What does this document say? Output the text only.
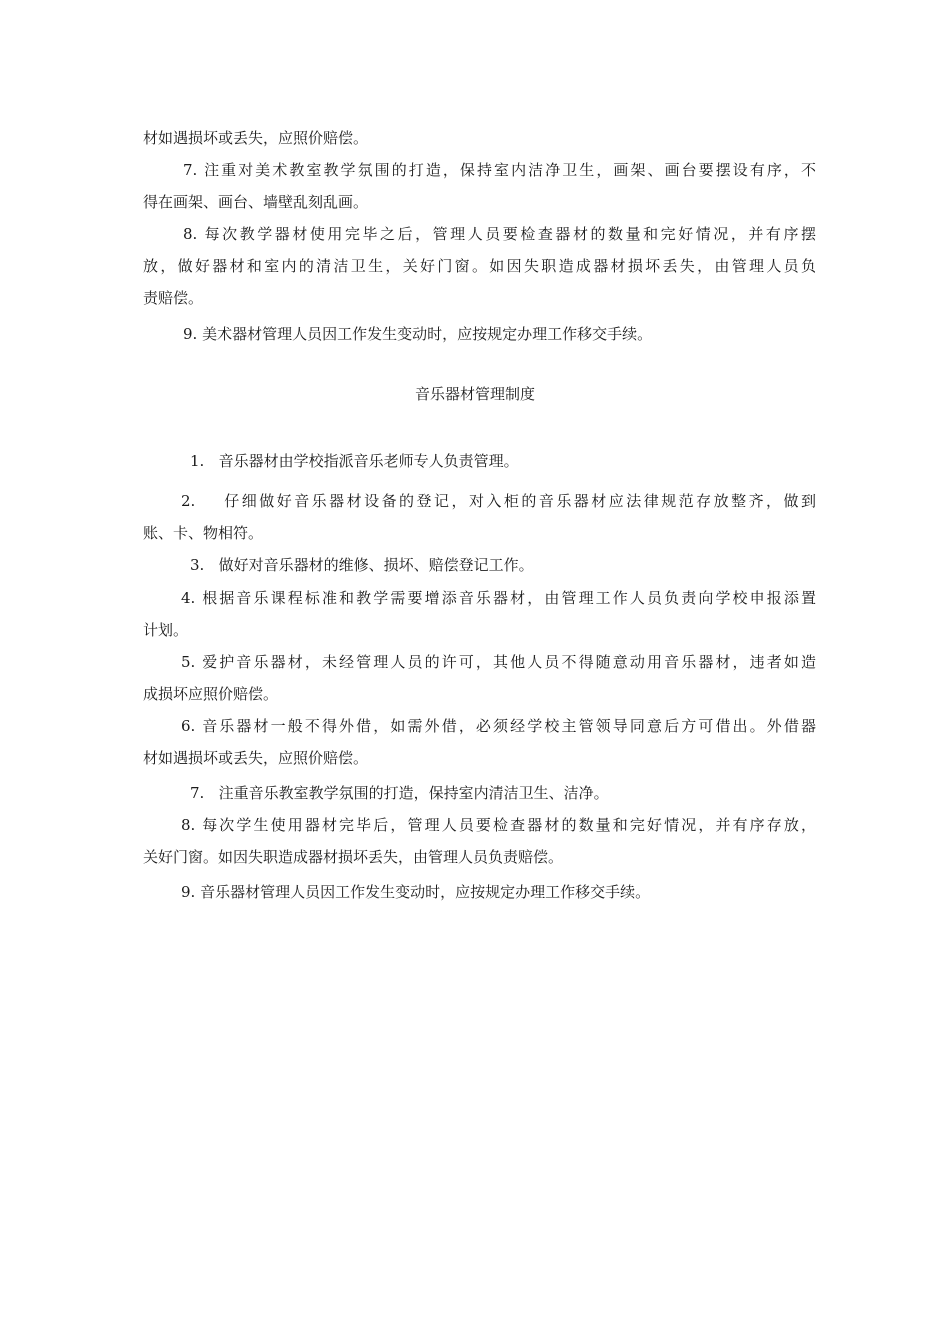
材如遇损坏或丢失，应照价赔偿。
7. 注重对美术教室教学氛围的打造，保持室内洁净卫生，画架、画台要摆设有序，不
得在画架、画台、墙壁乱刻乱画。
8. 每次教学器材使用完毕之后，管理人员要检查器材的数量和完好情况，并有序摆
放，做好器材和室内的清洁卫生，关好门窗。如因失职造成器材损坏丢失，由管理人员负
责赔偿。
9. 美术器材管理人员因工作发生变动时，应按规定办理工作移交手续。
音乐器材管理制度
1.   音乐器材由学校指派音乐老师专人负责管理。
2.    仔细做好音乐器材设备的登记，对入柜的音乐器材应法律规范存放整齐，做到
账、卡、物相符。
3.   做好对音乐器材的维修、损坏、赔偿登记工作。
4. 根据音乐课程标准和教学需要增添音乐器材，由管理工作人员负责向学校申报添置
计划。
5. 爱护音乐器材，未经管理人员的许可，其他人员不得随意动用音乐器材，违者如造
成损坏应照价赔偿。
6. 音乐器材一般不得外借，如需外借，必须经学校主管领导同意后方可借出。外借器
材如遇损坏或丢失，应照价赔偿。
7.   注重音乐教室教学氛围的打造，保持室内清洁卫生、洁净。
8. 每次学生使用器材完毕后，管理人员要检查器材的数量和完好情况，并有序存放，
关好门窗。如因失职造成器材损坏丢失，由管理人员负责赔偿。
9. 音乐器材管理人员因工作发生变动时，应按规定办理工作移交手续。
